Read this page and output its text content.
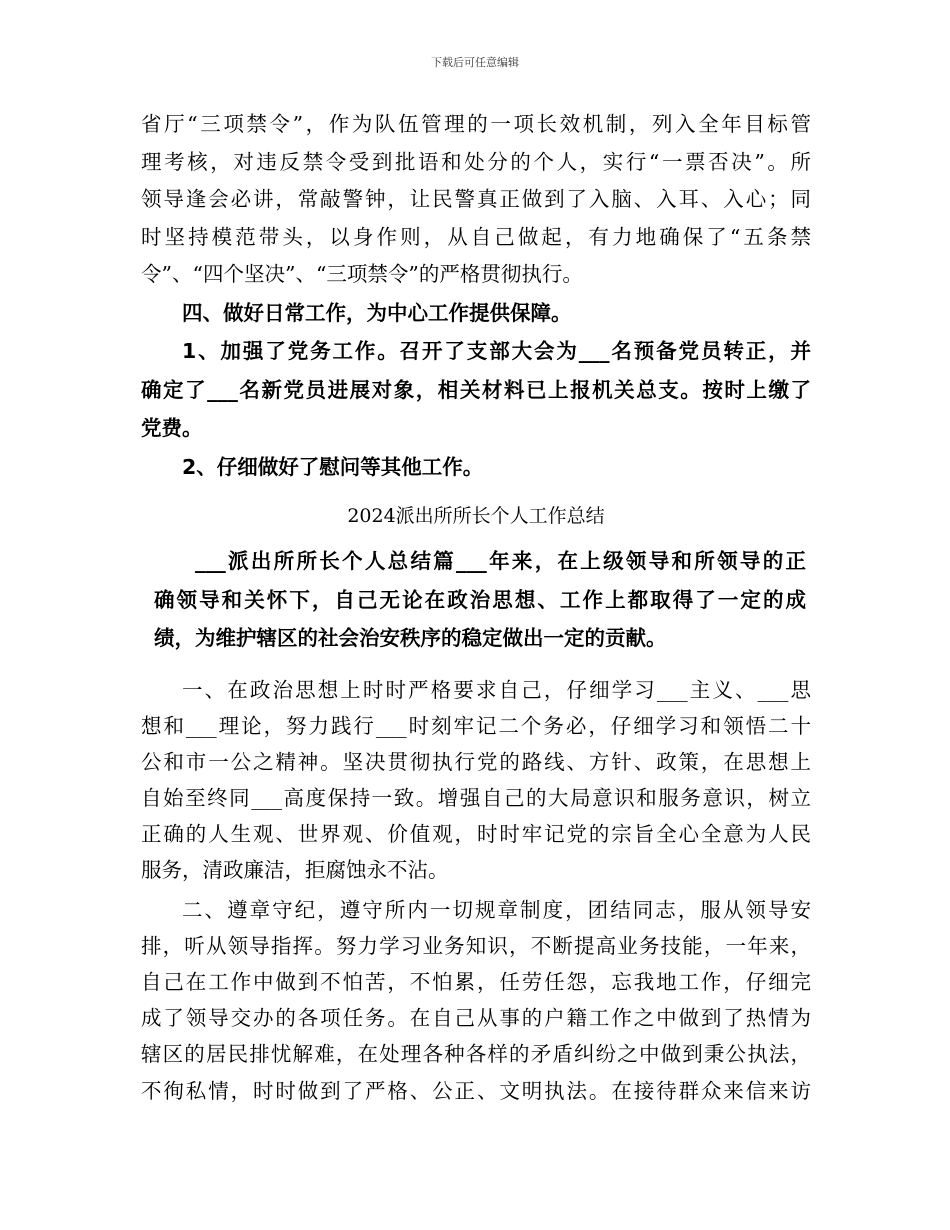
下载后可任意编辑
省厅“三项禁令”，作为队伍管理的一项长效机制，列入全年目标管
理考核，对违反禁令受到批语和处分的个人，实行“一票否决”。所
领导逢会必讲，常敲警钟，让民警真正做到了入脑、入耳、入心；同
时坚持模范带头，以身作则，从自己做起，有力地确保了“五条禁
令”、“四个坚决”、“三项禁令”的严格贯彻执行。
四、做好日常工作，为中心工作提供保障。
1、加强了党务工作。召开了支部大会为___名预备党员转正，并
确定了___名新党员进展对象，相关材料已上报机关总支。按时上缴了
党费。
2、仔细做好了慰问等其他工作。
2024派出所所长个人工作总结
___派出所所长个人总结篇___年来，在上级领导和所领导的正
确领导和关怀下，自己无论在政治思想、工作上都取得了一定的成
绩，为维护辖区的社会治安秩序的稳定做出一定的贡献。
一、在政治思想上时时严格要求自己，仔细学习___主义、___思
想和___理论，努力践行___时刻牢记二个务必，仔细学习和领悟二十
公和市一公之精神。坚决贯彻执行党的路线、方针、政策，在思想上
自始至终同___高度保持一致。增强自己的大局意识和服务意识，树立
正确的人生观、世界观、价值观，时时牢记党的宗旨全心全意为人民
服务，清政廉洁，拒腐蚀永不沾。
二、遵章守纪，遵守所内一切规章制度，团结同志，服从领导安
排，听从领导指挥。努力学习业务知识，不断提高业务技能，一年来，
自己在工作中做到不怕苦，不怕累，任劳任怨，忘我地工作，仔细完
成了领导交办的各项任务。在自己从事的户籍工作之中做到了热情为
辖区的居民排忧解难，在处理各种各样的矛盾纠纷之中做到秉公执法，
不徇私情，时时做到了严格、公正、文明执法。在接待群众来信来访
